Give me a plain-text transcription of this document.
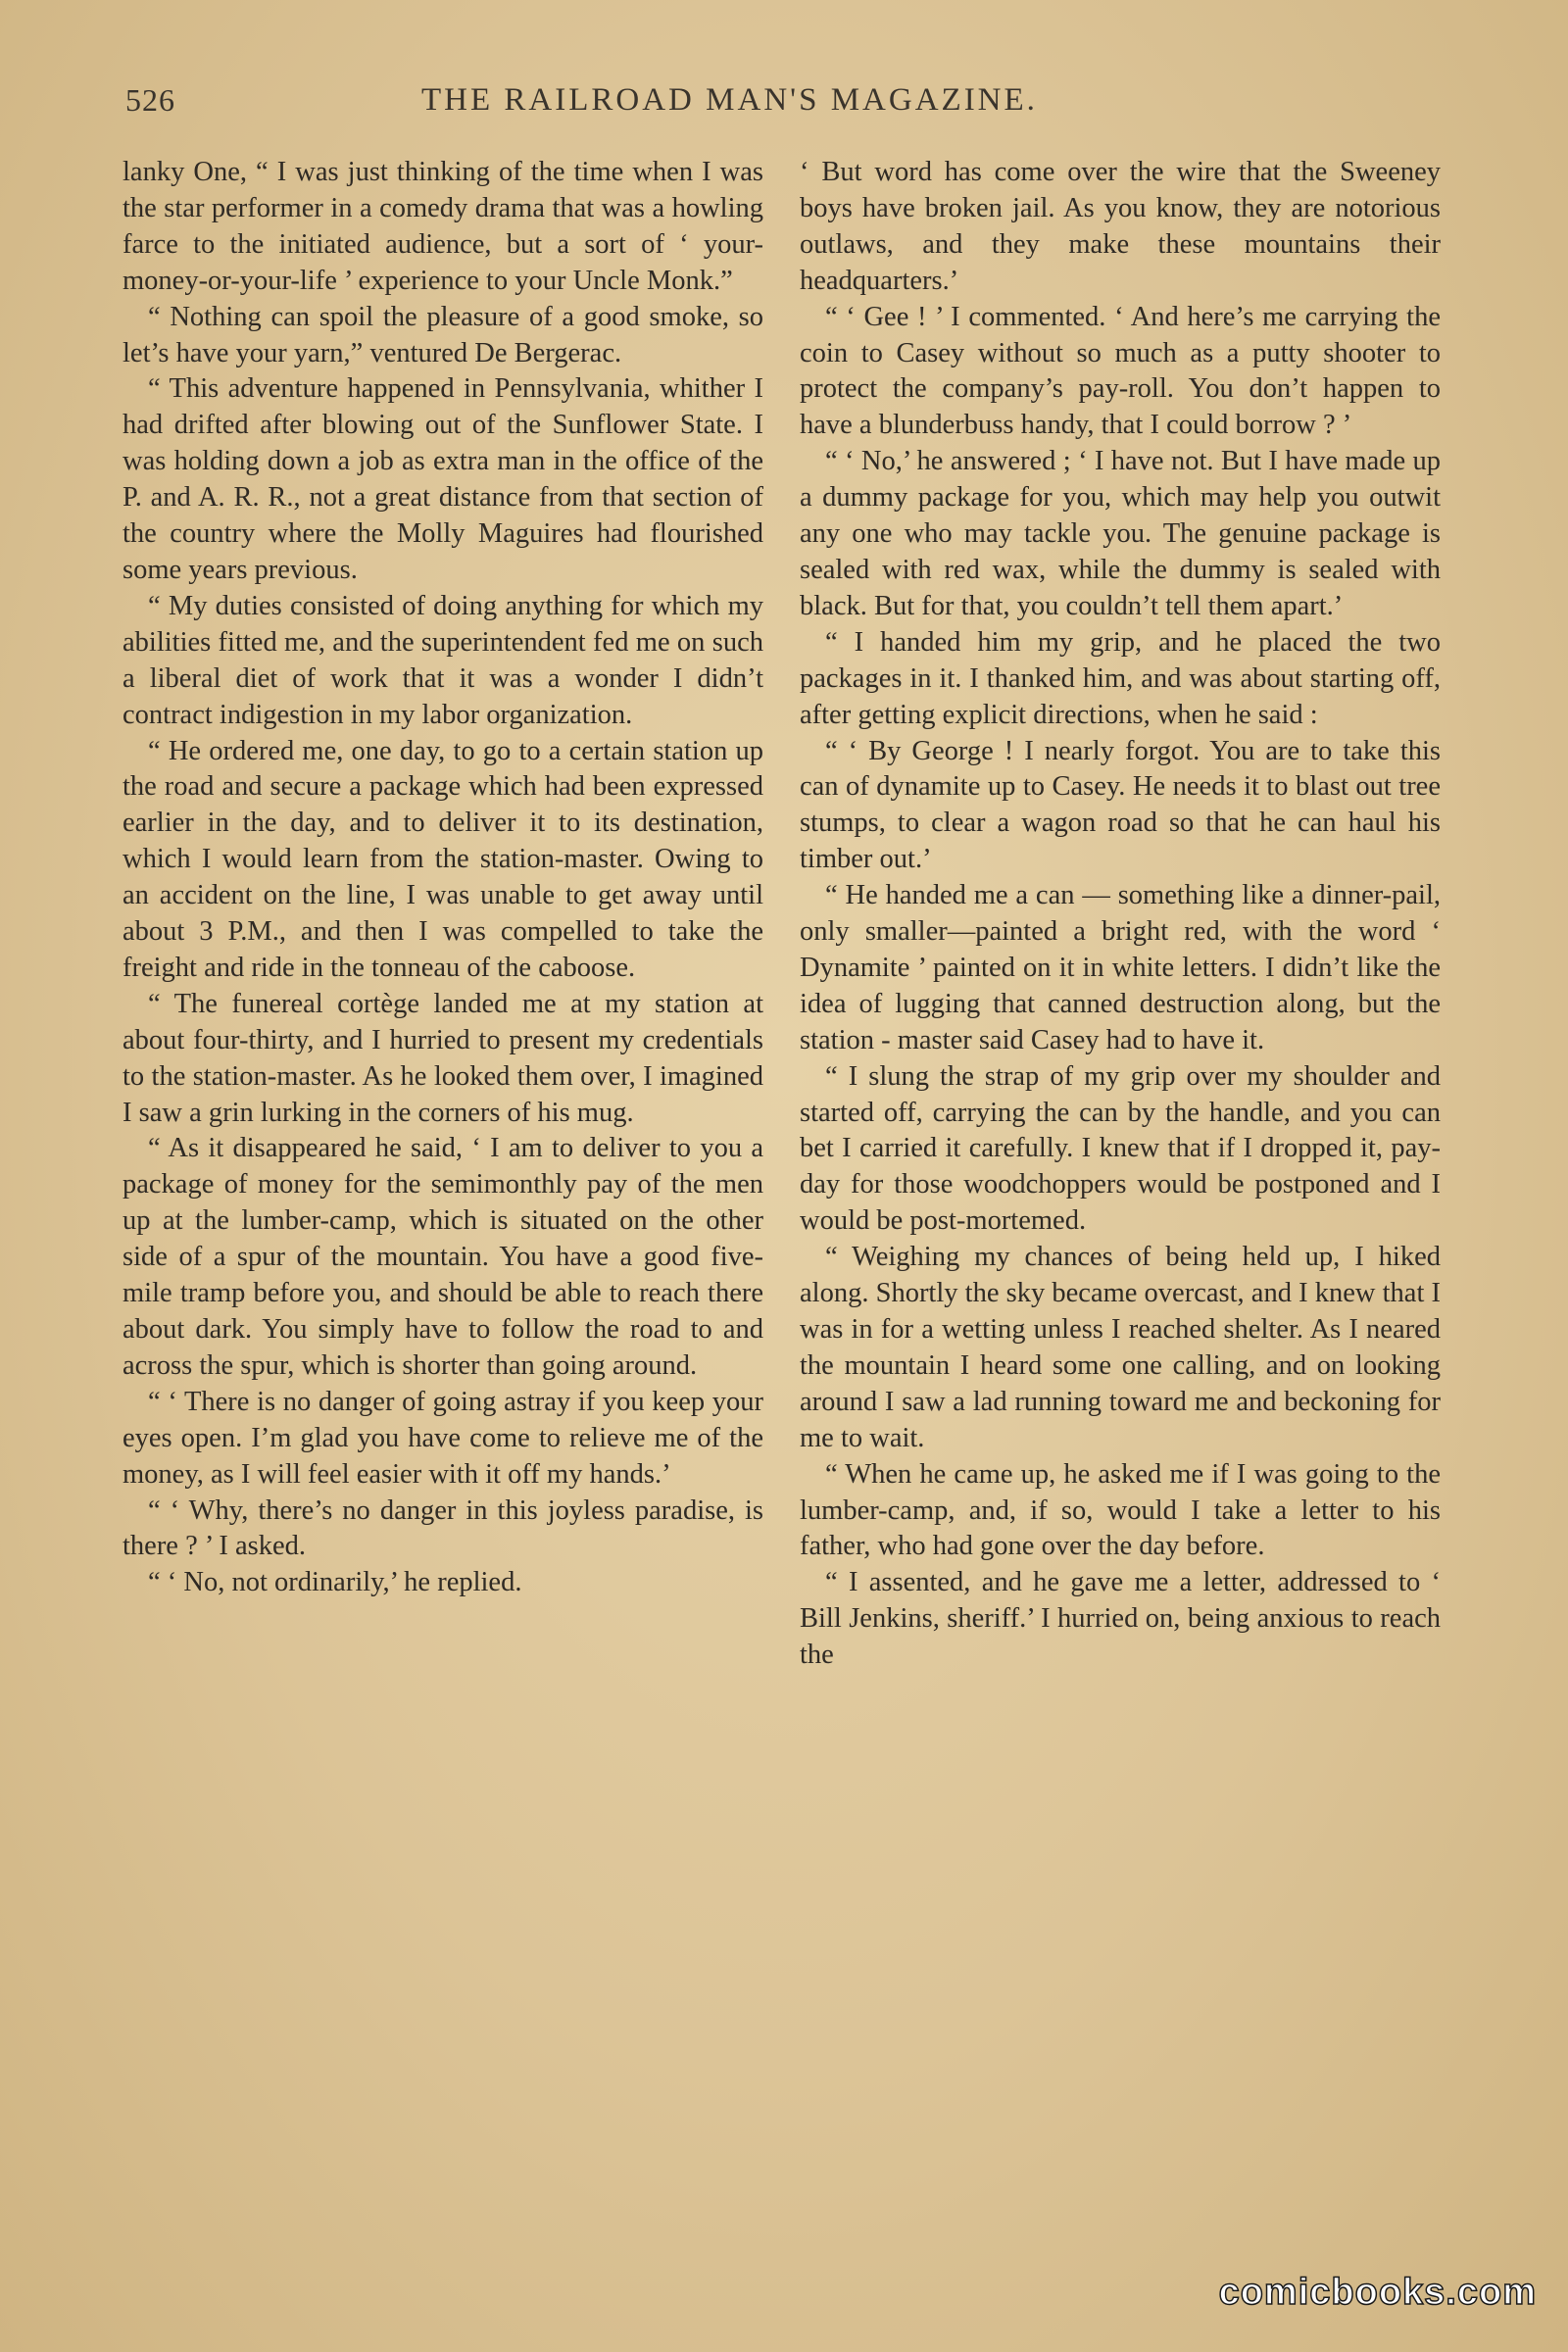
526	THE RAILROAD MAN'S MAGAZINE.

lanky One, “ I was just thinking of the time when I was the star performer in a comedy drama that was a howling farce to the initiated audience, but a sort of ‘ your-money-or-your-life ’ experience to your Uncle Monk.”

“ Nothing can spoil the pleasure of a good smoke, so let’s have your yarn,” ventured De Bergerac.

“ This adventure happened in Pennsylvania, whither I had drifted after blowing out of the Sunflower State. I was holding down a job as extra man in the office of the P. and A. R. R., not a great distance from that section of the country where the Molly Maguires had flourished some years previous.

“ My duties consisted of doing anything for which my abilities fitted me, and the superintendent fed me on such a liberal diet of work that it was a wonder I didn’t contract indigestion in my labor organization.

“ He ordered me, one day, to go to a certain station up the road and secure a package which had been expressed earlier in the day, and to deliver it to its destination, which I would learn from the station-master. Owing to an accident on the line, I was unable to get away until about 3 P.M., and then I was compelled to take the freight and ride in the tonneau of the caboose.

“ The funereal cortège landed me at my station at about four-thirty, and I hurried to present my credentials to the station-master. As he looked them over, I imagined I saw a grin lurking in the corners of his mug.

“ As it disappeared he said, ‘ I am to deliver to you a package of money for the semimonthly pay of the men up at the lumber-camp, which is situated on the other side of a spur of the mountain. You have a good five-mile tramp before you, and should be able to reach there about dark. You simply have to follow the road to and across the spur, which is shorter than going around.

“ ‘ There is no danger of going astray if you keep your eyes open. I’m glad you have come to relieve me of the money, as I will feel easier with it off my hands.’

“ ‘ Why, there’s no danger in this joyless paradise, is there ? ’ I asked.

“ ‘ No, not ordinarily,’ he replied.

‘ But word has come over the wire that the Sweeney boys have broken jail. As you know, they are notorious outlaws, and they make these mountains their headquarters.’

“ ‘ Gee ! ’ I commented. ‘ And here’s me carrying the coin to Casey without so much as a putty shooter to protect the company’s pay-roll. You don’t happen to have a blunderbuss handy, that I could borrow ? ’

“ ‘ No,’ he answered ; ‘ I have not. But I have made up a dummy package for you, which may help you outwit any one who may tackle you. The genuine package is sealed with red wax, while the dummy is sealed with black. But for that, you couldn’t tell them apart.’

“ I handed him my grip, and he placed the two packages in it. I thanked him, and was about starting off, after getting explicit directions, when he said :

“ ‘ By George ! I nearly forgot. You are to take this can of dynamite up to Casey. He needs it to blast out tree stumps, to clear a wagon road so that he can haul his timber out.’

“ He handed me a can — something like a dinner-pail, only smaller—painted a bright red, with the word ‘ Dynamite ’ painted on it in white letters. I didn’t like the idea of lugging that canned destruction along, but the station - master said Casey had to have it.

“ I slung the strap of my grip over my shoulder and started off, carrying the can by the handle, and you can bet I carried it carefully. I knew that if I dropped it, pay-day for those woodchoppers would be postponed and I would be post-mortemed.

“ Weighing my chances of being held up, I hiked along. Shortly the sky became overcast, and I knew that I was in for a wetting unless I reached shelter. As I neared the mountain I heard some one calling, and on looking around I saw a lad running toward me and beckoning for me to wait.

“ When he came up, he asked me if I was going to the lumber-camp, and, if so, would I take a letter to his father, who had gone over the day before.

“ I assented, and he gave me a letter, addressed to ‘ Bill Jenkins, sheriff.’ I hurried on, being anxious to reach the

comicbooks.com
